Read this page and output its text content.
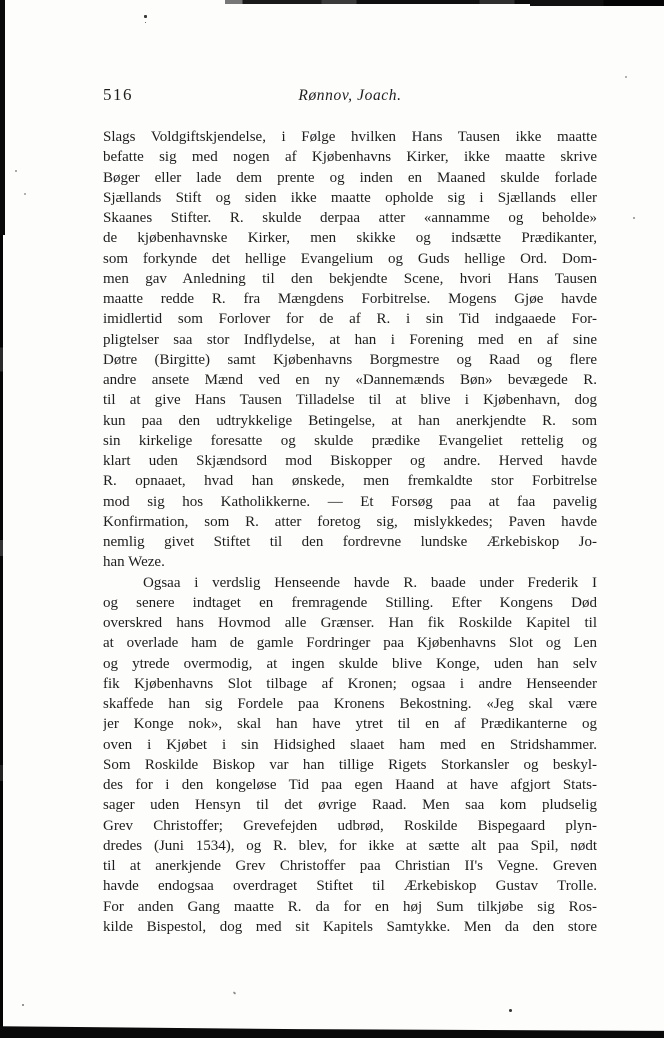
516	Rønnov, Joach.
Slags Voldgiftskjendelse, i Følge hvilken Hans Tausen ikke maatte
befatte sig med nogen af Kjøbenhavns Kirker, ikke maatte skrive
Bøger eller lade dem prente og inden en Maaned skulde forlade
Sjællands Stift og siden ikke maatte opholde sig i Sjællands eller
Skaanes Stifter. R. skulde derpaa atter «annamme og beholde»
de kjøbenhavnske Kirker, men skikke og indsætte Prædikanter,
som forkynde det hellige Evangelium og Guds hellige Ord. Dom-
men gav Anledning til den bekjendte Scene, hvori Hans Tausen
maatte redde R. fra Mængdens Forbitrelse. Mogens Gjøe havde
imidlertid som Forlover for de af R. i sin Tid indgaaede For-
pligtelser saa stor Indflydelse, at han i Forening med en af sine
Døtre (Birgitte) samt Kjøbenhavns Borgmestre og Raad og flere
andre ansete Mænd ved en ny «Dannemænds Bøn» bevægede R.
til at give Hans Tausen Tilladelse til at blive i Kjøbenhavn, dog
kun paa den udtrykkelige Betingelse, at han anerkjendte R. som
sin kirkelige foresatte og skulde prædike Evangeliet rettelig og
klart uden Skjændsord mod Biskopper og andre. Herved havde
R. opnaaet, hvad han ønskede, men fremkaldte stor Forbitrelse
mod sig hos Katholikkerne. — Et Forsøg paa at faa pavelig
Konfirmation, som R. atter foretog sig, mislykkedes; Paven havde
nemlig givet Stiftet til den fordrevne lundske Ærkebiskop Jo-
han Weze.
Ogsaa i verdslig Henseende havde R. baade under Frederik I
og senere indtaget en fremragende Stilling. Efter Kongens Død
overskred hans Hovmod alle Grænser. Han fik Roskilde Kapitel til
at overlade ham de gamle Fordringer paa Kjøbenhavns Slot og Len
og ytrede overmodig, at ingen skulde blive Konge, uden han selv
fik Kjøbenhavns Slot tilbage af Kronen; ogsaa i andre Henseender
skaffede han sig Fordele paa Kronens Bekostning. «Jeg skal være
jer Konge nok», skal han have ytret til en af Prædikanterne og
oven i Kjøbet i sin Hidsighed slaaet ham med en Stridshammer.
Som Roskilde Biskop var han tillige Rigets Storkansler og beskyl-
des for i den kongeløse Tid paa egen Haand at have afgjort Stats-
sager uden Hensyn til det øvrige Raad. Men saa kom pludselig
Grev Christoffer; Grevefejden udbrød, Roskilde Bispegaard plyn-
dredes (Juni 1534), og R. blev, for ikke at sætte alt paa Spil, nødt
til at anerkjende Grev Christoffer paa Christian II's Vegne. Greven
havde endogsaa overdraget Stiftet til Ærkebiskop Gustav Trolle.
For anden Gang maatte R. da for en høj Sum tilkjøbe sig Ros-
kilde Bispestol, dog med sit Kapitels Samtykke. Men da den store
